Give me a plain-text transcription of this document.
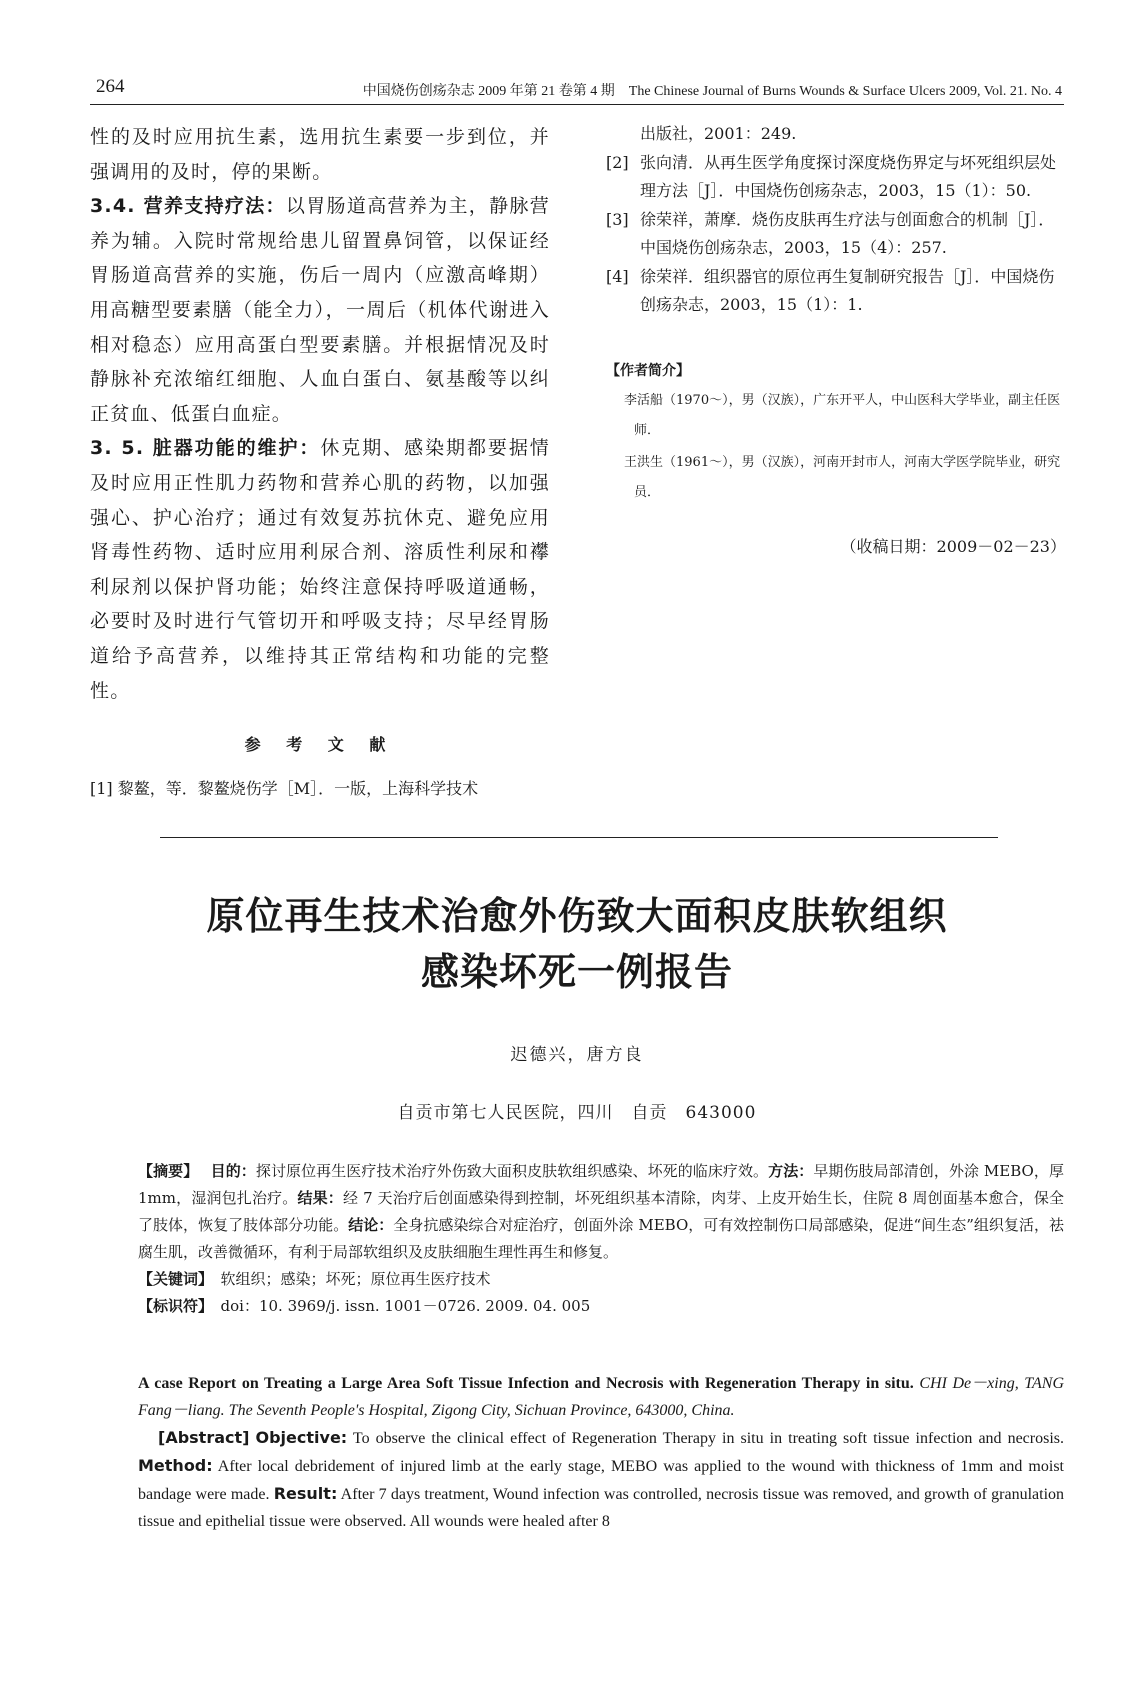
264	中国烧伤创疡杂志 2009 年第 21 卷第 4 期　The Chinese Journal of Burns Wounds & Surface Ulcers 2009, Vol. 21. No. 4

性的及时应用抗生素，选用抗生素要一步到位，并强调用的及时，停的果断。

3.4. 营养支持疗法：以胃肠道高营养为主，静脉营养为辅。入院时常规给患儿留置鼻饲管，以保证经胃肠道高营养的实施，伤后一周内（应激高峰期）用高糖型要素膳（能全力），一周后（机体代谢进入相对稳态）应用高蛋白型要素膳。并根据情况及时静脉补充浓缩红细胞、人血白蛋白、氨基酸等以纠正贫血、低蛋白血症。

3. 5. 脏器功能的维护：休克期、感染期都要据情及时应用正性肌力药物和营养心肌的药物，以加强强心、护心治疗；通过有效复苏抗休克、避免应用肾毒性药物、适时应用利尿合剂、溶质性利尿和襻利尿剂以保护肾功能；始终注意保持呼吸道通畅，必要时及时进行气管切开和呼吸支持；尽早经胃肠道给予高营养，以维持其正常结构和功能的完整性。

参 考 文 献

[1] 黎鳌，等．黎鳌烧伤学［M］．一版，上海科学技术

出版社，2001：249.

[2] 张向清．从再生医学角度探讨深度烧伤界定与坏死组织层处理方法［J］．中国烧伤创疡杂志，2003，15（1）：50.

[3] 徐荣祥，萧摩．烧伤皮肤再生疗法与创面愈合的机制［J］．中国烧伤创疡杂志，2003，15（4）：257.

[4] 徐荣祥．组织器官的原位再生复制研究报告［J］．中国烧伤创疡杂志，2003，15（1）：1.

【作者简介】

李活船（1970～），男（汉族），广东开平人，中山医科大学毕业，副主任医师．

王洪生（1961～），男（汉族），河南开封市人，河南大学医学院毕业，研究员．

（收稿日期：2009－02－23）
原位再生技术治愈外伤致大面积皮肤软组织
感染坏死一例报告
迟德兴，唐方良
自贡市第七人民医院，四川　自贡　643000

【摘要】　 目的：探讨原位再生医疗技术治疗外伤致大面积皮肤软组织感染、坏死的临床疗效。方法：早期伤肢局部清创，外涂 MEBO，厚 1mm，湿润包扎治疗。结果：经 7 天治疗后创面感染得到控制，坏死组织基本清除，肉芽、上皮开始生长，住院 8 周创面基本愈合，保全了肢体，恢复了肢体部分功能。结论：全身抗感染综合对症治疗，创面外涂 MEBO，可有效控制伤口局部感染，促进“间生态”组织复活，祛腐生肌，改善微循环，有利于局部软组织及皮肤细胞生理性再生和修复。

【关键词】　 软组织；感染；坏死；原位再生医疗技术

【标识符】　 doi：10. 3969/j. issn. 1001－0726. 2009. 04. 005

A case Report on Treating a Large Area Soft Tissue Infection and Necrosis with Regeneration Therapy in situ. CHI De－xing, TANG Fang－liang. The Seventh People's Hospital, Zigong City, Sichuan Province, 643000, China.

[Abstract] Objective: To observe the clinical effect of Regeneration Therapy in situ in treating soft tissue infection and necrosis. Method: After local debridement of injured limb at the early stage, MEBO was applied to the wound with thickness of 1mm and moist bandage were made. Result: After 7 days treatment, Wound infection was controlled, necrosis tissue was removed, and growth of granulation tissue and epithelial tissue were observed. All wounds were healed after 8
